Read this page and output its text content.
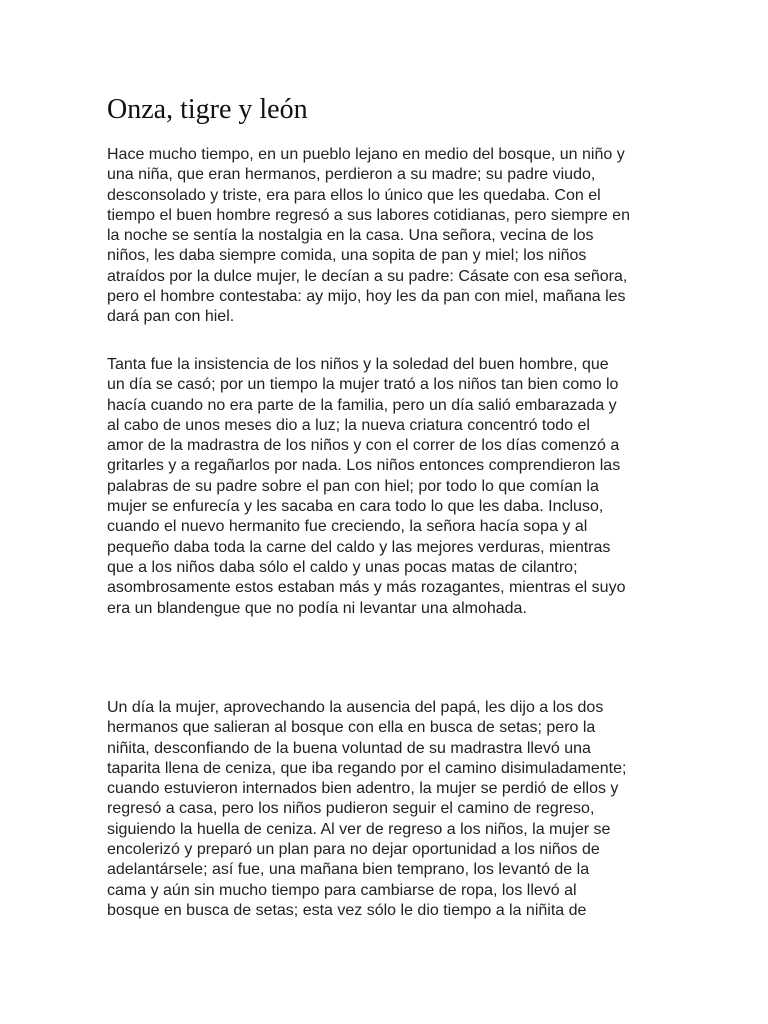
Onza, tigre y león
Hace mucho tiempo, en un pueblo lejano en medio del bosque, un niño y
una niña, que eran hermanos, perdieron a su madre; su padre viudo,
desconsolado y triste, era para ellos lo único que les quedaba. Con el
tiempo el buen hombre regresó a sus labores cotidianas, pero siempre en
la noche se sentía la nostalgia en la casa. Una señora, vecina de los
niños, les daba siempre comida, una sopita de pan y miel; los niños
atraídos por la dulce mujer, le decían a su padre: Cásate con esa señora,
pero el hombre contestaba: ay mijo, hoy les da pan con miel, mañana les
dará pan con hiel.
Tanta fue la insistencia de los niños y la soledad del buen hombre, que
un día se casó; por un tiempo la mujer trató a los niños tan bien como lo
hacía cuando no era parte de la familia, pero un día salió embarazada y
al cabo de unos meses dio a luz; la nueva criatura concentró todo el
amor de la madrastra de los niños y con el correr de los días comenzó a
gritarles y a regañarlos por nada. Los niños entonces comprendieron las
palabras de su padre sobre el pan con hiel; por todo lo que comían la
mujer se enfurecía y les sacaba en cara todo lo que les daba. Incluso,
cuando el nuevo hermanito fue creciendo, la señora hacía sopa y al
pequeño daba toda la carne del caldo y las mejores verduras, mientras
que a los niños daba sólo el caldo y unas pocas matas de cilantro;
asombrosamente estos estaban más y más rozagantes, mientras el suyo
era un blandengue que no podía ni levantar una almohada.
Un día la mujer, aprovechando la ausencia del papá, les dijo a los dos
hermanos que salieran al bosque con ella en busca de setas; pero la
niñita, desconfiando de la buena voluntad de su madrastra llevó una
taparita llena de ceniza, que iba regando por el camino disimuladamente;
cuando estuvieron internados bien adentro, la mujer se perdió de ellos y
regresó a casa, pero los niños pudieron seguir el camino de regreso,
siguiendo la huella de ceniza. Al ver de regreso a los niños, la mujer se
encolerizó y preparó un plan para no dejar oportunidad a los niños de
adelantársele; así fue, una mañana bien temprano, los levantó de la
cama y aún sin mucho tiempo para cambiarse de ropa, los llevó al
bosque en busca de setas; esta vez sólo le dio tiempo a la niñita de
